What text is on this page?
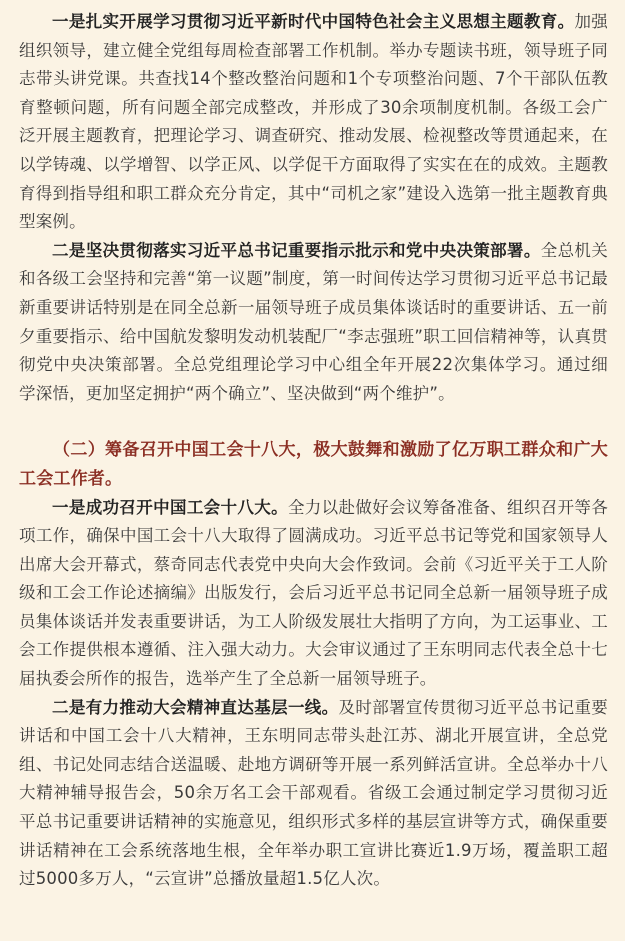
一是扎实开展学习贯彻习近平新时代中国特色社会主义思想主题教育。加强组织领导，建立健全党组每周检查部署工作机制。举办专题读书班，领导班子同志带头讲党课。共查找14个整改整治问题和1个专项整治问题、7个干部队伍教育整顿问题，所有问题全部完成整改，并形成了30余项制度机制。各级工会广泛开展主题教育，把理论学习、调查研究、推动发展、检视整改等贯通起来，在以学铸魂、以学增智、以学正风、以学促干方面取得了实实在在的成效。主题教育得到指导组和职工群众充分肯定，其中“司机之家”建设入选第一批主题教育典型案例。

二是坚决贯彻落实习近平总书记重要指示批示和党中央决策部署。全总机关和各级工会坚持和完善“第一议题”制度，第一时间传达学习贯彻习近平总书记最新重要讲话特别是在同全总新一届领导班子成员集体谈话时的重要讲话、五一前夕重要指示、给中国航发黎明发动机装配厂“李志强班”职工回信精神等，认真贯彻党中央决策部署。全总党组理论学习中心组全年开展22次集体学习。通过细学深悟，更加坚定拥护“两个确立”、坚决做到“两个维护”。

（二）筹备召开中国工会十八大，极大鼓舞和激励了亿万职工群众和广大工会工作者。

一是成功召开中国工会十八大。全力以赴做好会议筹备准备、组织召开等各项工作，确保中国工会十八大取得了圆满成功。习近平总书记等党和国家领导人出席大会开幕式，蔡奇同志代表党中央向大会作致词。会前《习近平关于工人阶级和工会工作论述摘编》出版发行，会后习近平总书记同全总新一届领导班子成员集体谈话并发表重要讲话，为工人阶级发展壮大指明了方向，为工运事业、工会工作提供根本遵循、注入强大动力。大会审议通过了王东明同志代表全总十七届执委会所作的报告，选举产生了全总新一届领导班子。

二是有力推动大会精神直达基层一线。及时部署宣传贯彻习近平总书记重要讲话和中国工会十八大精神，王东明同志带头赴江苏、湖北开展宣讲，全总党组、书记处同志结合送温暖、赴地方调研等开展一系列鲜活宣讲。全总举办十八大精神辅导报告会，50余万名工会干部观看。省级工会通过制定学习贯彻习近平总书记重要讲话精神的实施意见，组织形式多样的基层宣讲等方式，确保重要讲话精神在工会系统落地生根，全年举办职工宣讲比赛近1.9万场，覆盖职工超过5000多万人，“云宣讲”总播放量超1.5亿人次。
